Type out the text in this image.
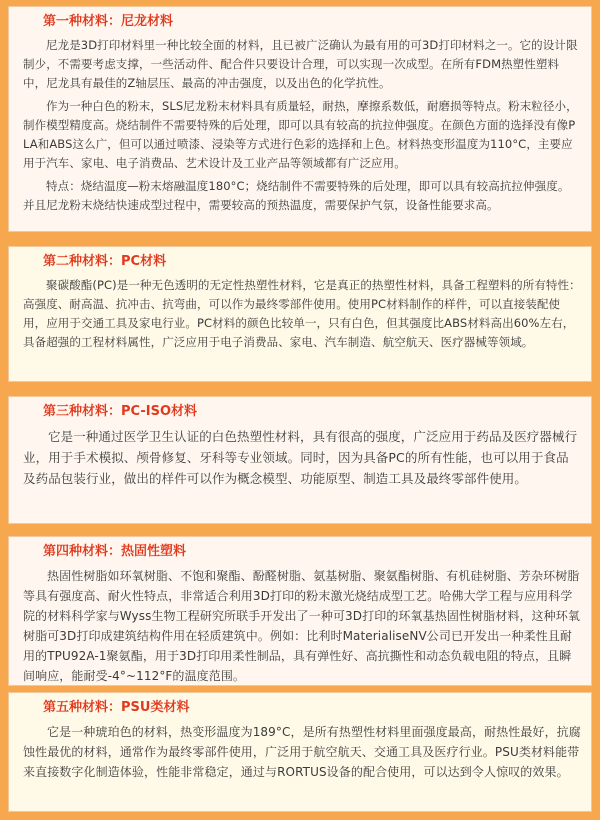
第一种材料：尼龙材料

尼龙是3D打印材料里一种比较全面的材料，且已被广泛确认为最有用的可3D打印材料之一。它的设计限制少，不需要考虑支撑，一些活动件、配合件只要设计合理，可以实现一次成型。在所有FDM热塑性塑料中，尼龙具有最佳的Z轴层压、最高的冲击强度，以及出色的化学抗性。

作为一种白色的粉末，SLS尼龙粉末材料具有质量轻，耐热，摩擦系数低，耐磨损等特点。粉末粒径小，制作模型精度高。烧结制件不需要特殊的后处理，即可以具有较高的抗拉伸强度。在颜色方面的选择没有像PLA和ABS这么广，但可以通过喷漆、浸染等方式进行色彩的选择和上色。材料热变形温度为110°C，主要应用于汽车、家电、电子消费品、艺术设计及工业产品等领域都有广泛应用。

特点：烧结温度—粉末熔融温度180°C；烧结制件不需要特殊的后处理，即可以具有较高抗拉伸强度。并且尼龙粉末烧结快速成型过程中，需要较高的预热温度，需要保护气氛，设备性能要求高。

第二种材料：PC材料

聚碳酸酯(PC)是一种无色透明的无定性热塑性材料，它是真正的热塑性材料，具备工程塑料的所有特性：高强度、耐高温、抗冲击、抗弯曲，可以作为最终零部件使用。使用PC材料制作的样件，可以直接装配使用，应用于交通工具及家电行业。PC材料的颜色比较单一，只有白色，但其强度比ABS材料高出60%左右，具备超强的工程材料属性，广泛应用于电子消费品、家电、汽车制造、航空航天、医疗器械等领域。

第三种材料：PC-ISO材料

它是一种通过医学卫生认证的白色热塑性材料，具有很高的强度，广泛应用于药品及医疗器械行业，用于手术模拟、颅骨修复、牙科等专业领域。同时，因为具备PC的所有性能，也可以用于食品及药品包装行业，做出的样件可以作为概念模型、功能原型、制造工具及最终零部件使用。

第四种材料：热固性塑料

热固性树脂如环氧树脂、不饱和聚酯、酚醛树脂、氨基树脂、聚氨酯树脂、有机硅树脂、芳杂环树脂等具有强度高、耐火性特点，非常适合利用3D打印的粉末激光烧结成型工艺。哈佛大学工程与应用科学院的材料科学家与Wyss生物工程研究所联手开发出了一种可3D打印的环氧基热固性树脂材料，这种环氧树脂可3D打印成建筑结构件用在轻质建筑中。例如：比利时MaterialiseNV公司已开发出一种柔性且耐用的TPU92A-1聚氨酯，用于3D打印用柔性制品，具有弹性好、高抗撕性和动态负载电阻的特点，且瞬间响应，能耐受-4°~112°F的温度范围。

第五种材料：PSU类材料

它是一种琥珀色的材料，热变形温度为189°C，是所有热塑性材料里面强度最高，耐热性最好，抗腐蚀性最优的材料，通常作为最终零部件使用，广泛用于航空航天、交通工具及医疗行业。PSU类材料能带来直接数字化制造体验，性能非常稳定，通过与RORTUS设备的配合使用，可以达到令人惊叹的效果。
